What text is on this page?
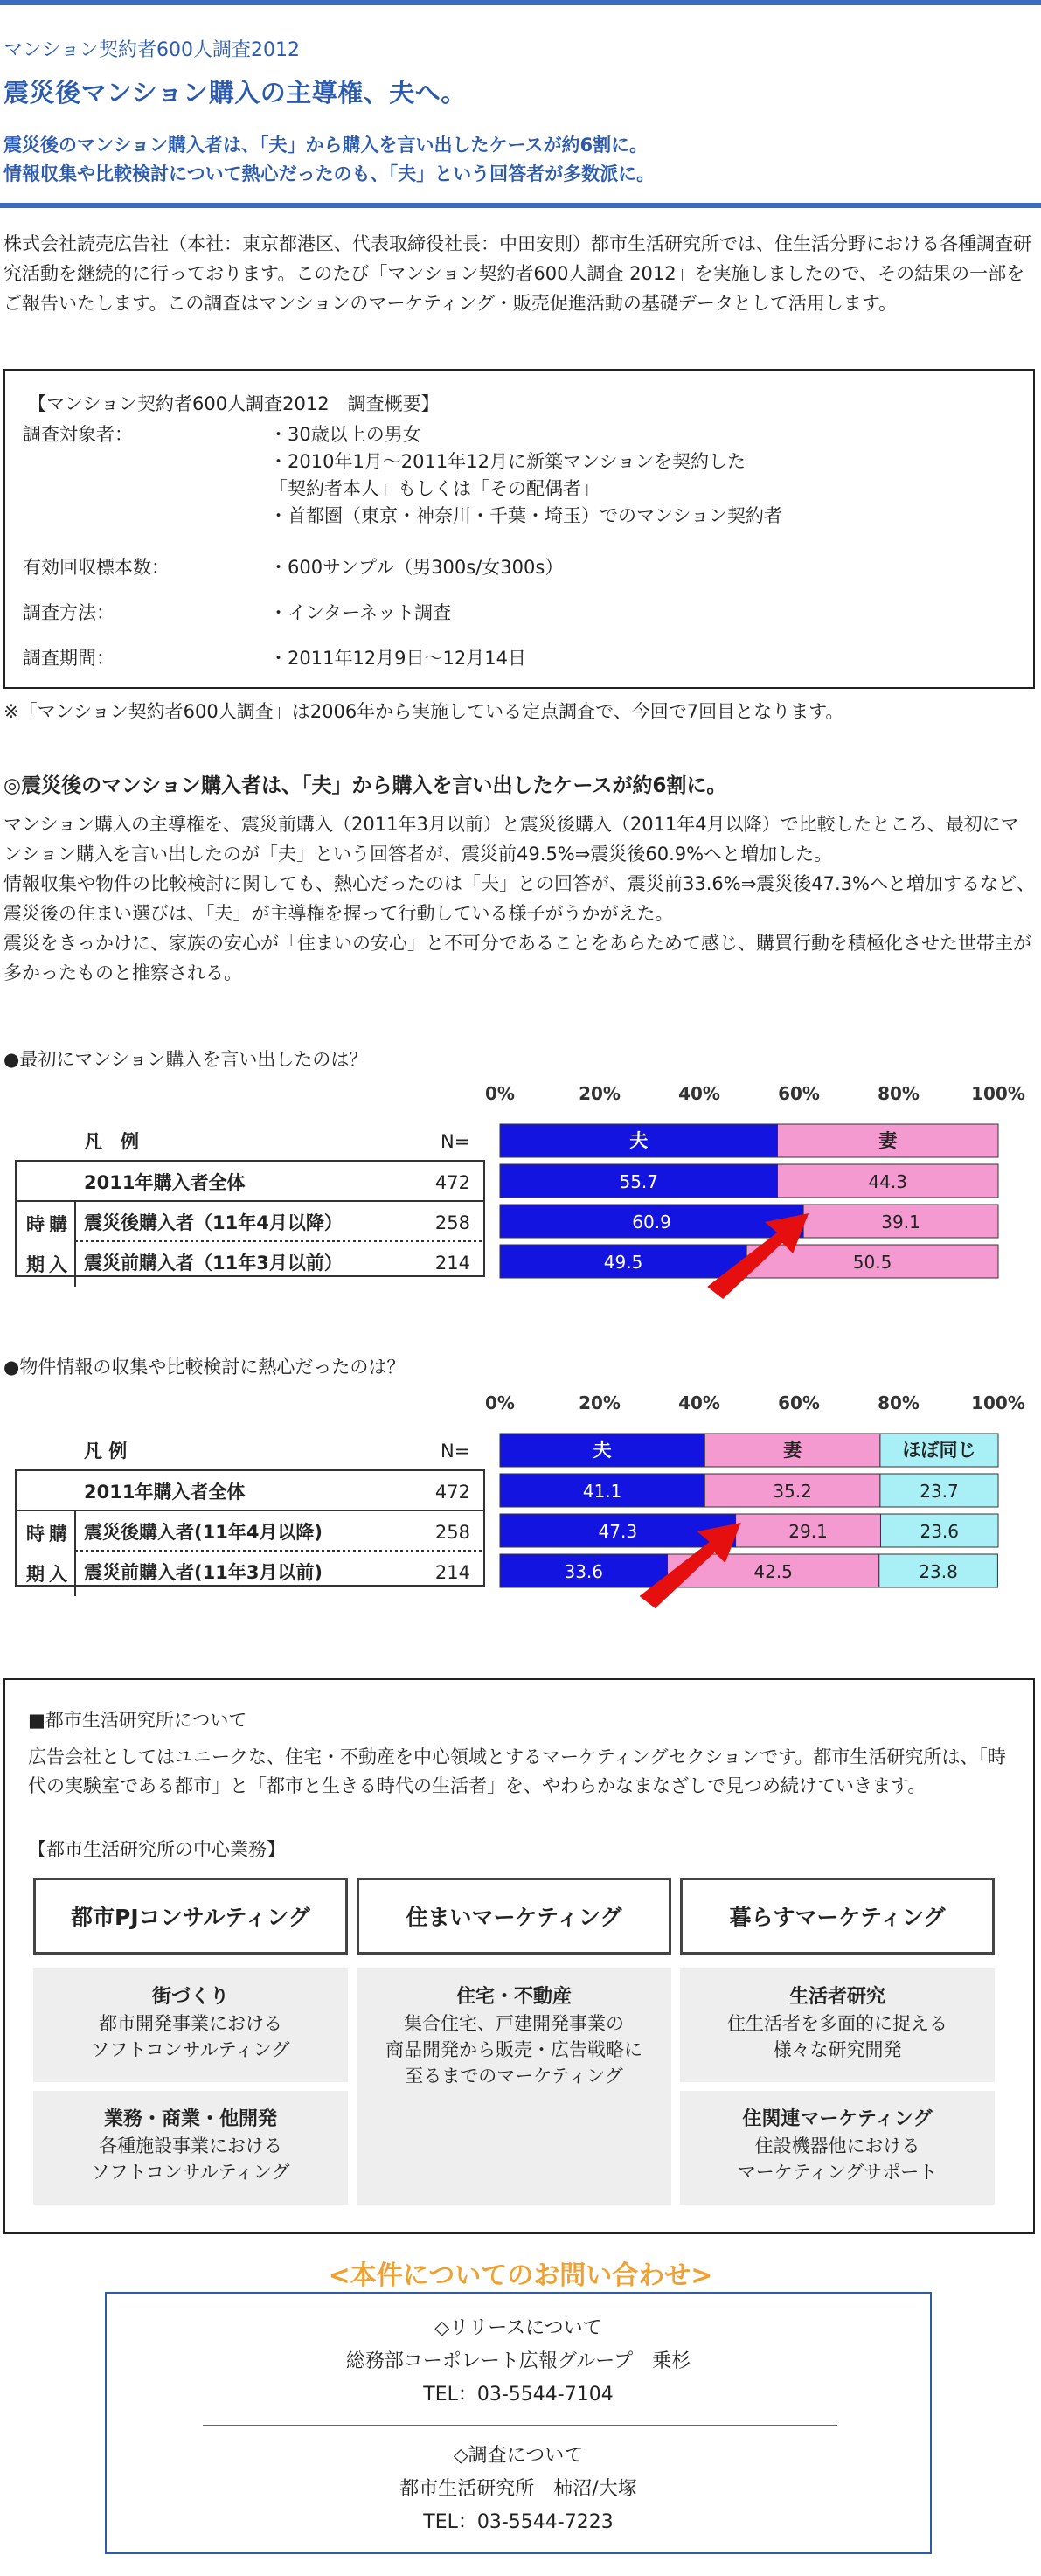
マンション契約者600人調査2012
震災後マンション購入の主導権、夫へ。
震災後のマンション購入者は、「夫」から購入を言い出したケースが約6割に。
情報収集や比較検討について熱心だったのも、「夫」という回答者が多数派に。
株式会社読売広告社（本社：東京都港区、代表取締役社長：中田安則）都市生活研究所では、住生活分野における各種調査研究活動を継続的に行っております。このたび「マンション契約者600人調査 2012」を実施しましたので、その結果の一部をご報告いたします。この調査はマンションのマーケティング・販売促進活動の基礎データとして活用します。
【マンション契約者600人調査2012　調査概要】
調査対象者：	・30歳以上の男女
・2010年1月〜2011年12月に新築マンションを契約した
「契約者本人」もしくは「その配偶者」
・首都圏（東京・神奈川・千葉・埼玉）でのマンション契約者
有効回収標本数：	・600サンプル（男300s/女300s）
調査方法：	・インターネット調査
調査期間：	・2011年12月9日〜12月14日
※「マンション契約者600人調査」は2006年から実施している定点調査で、今回で7回目となります。
◎震災後のマンション購入者は、「夫」から購入を言い出したケースが約6割に。
マンション購入の主導権を、震災前購入（2011年3月以前）と震災後購入（2011年4月以降）で比較したところ、最初にマンション購入を言い出したのが「夫」という回答者が、震災前49.5%⇒震災後60.9%へと増加した。
情報収集や物件の比較検討に関しても、熱心だったのは「夫」との回答が、震災前33.6%⇒震災後47.3%へと増加するなど、震災後の住まい選びは、「夫」が主導権を握って行動している様子がうかがえた。
震災をきっかけに、家族の安心が「住まいの安心」と不可分であることをあらためて感じ、購買行動を積極化させた世帯主が多かったものと推察される。
●最初にマンション購入を言い出したのは？
0%	20%	40%	60%	80%	100%
夫	妻
凡　例	N=
時
期
購
入
2011年購入者全体	472	55.7	44.3
震災後購入者（11年4月以降）	258	60.9	39.1
震災前購入者（11年3月以前）	214	49.5	50.5
●物件情報の収集や比較検討に熱心だったのは？
0%	20%	40%	60%	80%	100%
夫	妻	ほぼ同じ
凡 例	N=
時
期
購
入
2011年購入者全体	472	41.1	35.2	23.7
震災後購入者(11年4月以降)	258	47.3	29.1	23.6
震災前購入者(11年3月以前)	214	33.6	42.5	23.8
■都市生活研究所について
広告会社としてはユニークな、住宅・不動産を中心領域とするマーケティングセクションです。都市生活研究所は、「時代の実験室である都市」と「都市と生きる時代の生活者」を、やわらかなまなざしで見つめ続けていきます。
【都市生活研究所の中心業務】
都市PJコンサルティング	住まいマーケティング	暮らすマーケティング
街づくり
都市開発事業における
ソフトコンサルティング
業務・商業・他開発
各種施設事業における
ソフトコンサルティング
住宅・不動産
集合住宅、戸建開発事業の
商品開発から販売・広告戦略に
至るまでのマーケティング
生活者研究
住生活者を多面的に捉える
様々な研究開発
住関連マーケティング
住設機器他における
マーケティングサポート
<本件についてのお問い合わせ>
◇リリースについて
総務部コーポレート広報グループ　乗杉
TEL：03-5544-7104
◇調査について
都市生活研究所　柿沼/大塚
TEL：03-5544-7223
